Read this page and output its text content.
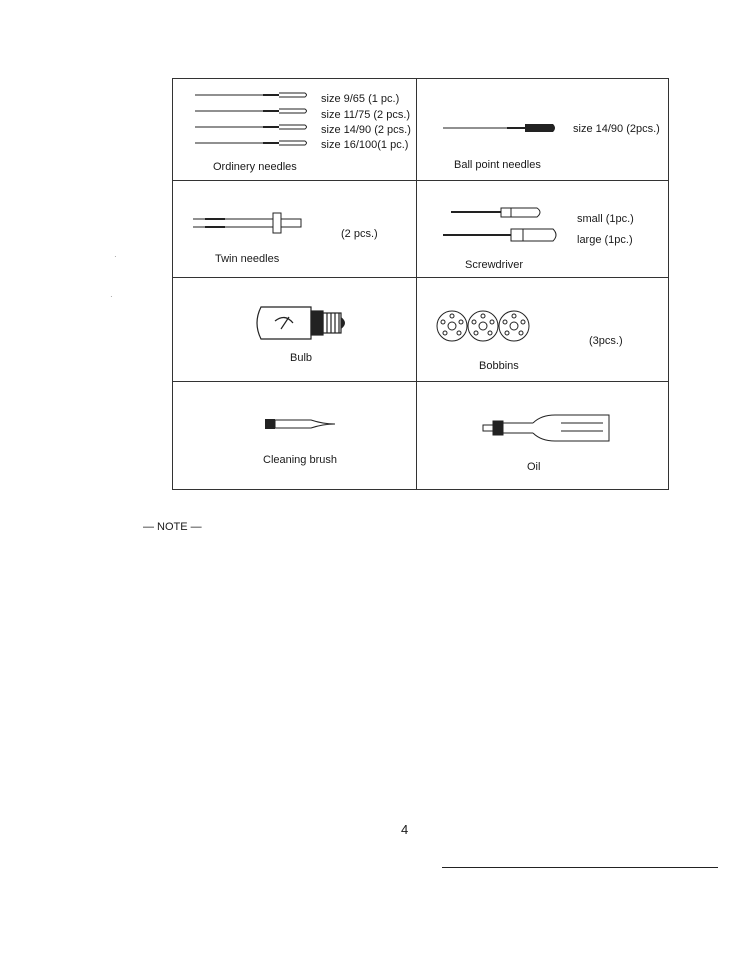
size 9/65 (1 pc.)
size 11/75 (2 pcs.)
size 14/90 (2 pcs.)
size 16/100(1 pc.)
Ordinery needles
size 14/90 (2pcs.)
Ball point needles
(2 pcs.)
Twin needles
small (1pc.)
large (1pc.)
Screwdriver
Bulb
(3pcs.)
Bobbins
Cleaning brush
Oil
·
·
— NOTE —
4
